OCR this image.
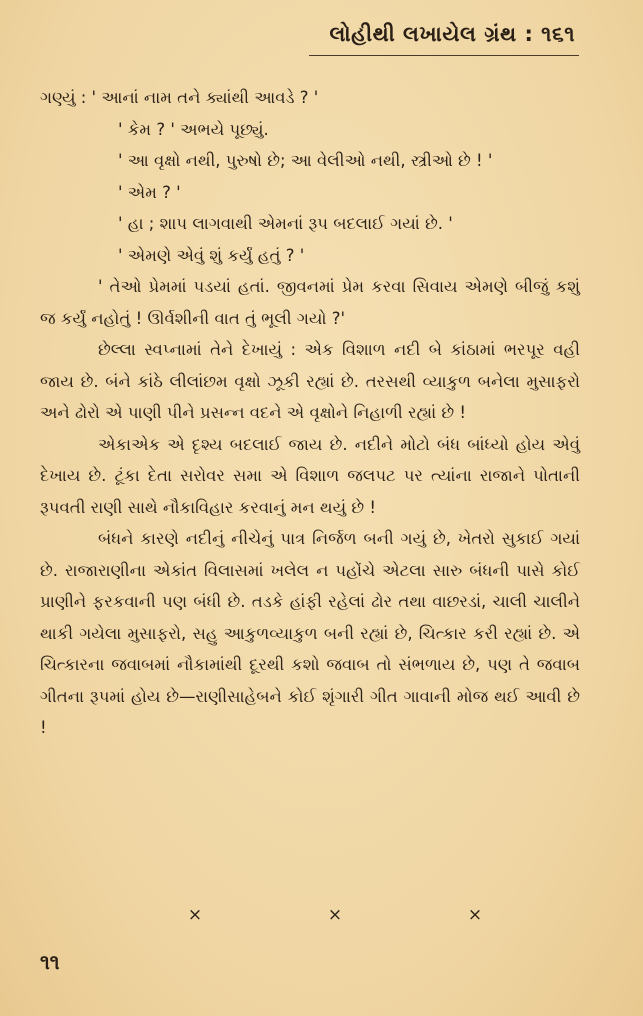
લોહીથી લખાયેલ ગ્રંથ : ૧૬૧

ગણ્યું : ' આનાં નામ તને ક્યાંથી આવડે ? '

' કેમ ? ' અભયે પૂછ્યું.

' આ વૃક્ષો નથી, પુરુષો છે; આ વેલીઓ નથી, સ્ત્રીઓ છે ! '

' એમ ? '

' હા ; શાપ લાગવાથી એમનાં રૂપ બદલાઈ ગયાં છે. '

' એમણે એવું શું કર્યું હતું ? '

' તેઓ પ્રેમમાં પડયાં હતાં. જીવનમાં પ્રેમ કરવા સિવાય એમણે બીજું કશું જ કર્યું નહોતું ! ઊર્વશીની વાત તું ભૂલી ગયો ?'

છેલ્લા સ્વપ્નામાં તેને દેખાયું : એક વિશાળ નદી બે કાંઠામાં ભરપૂર વહી જાય છે. બંને કાંઠે લીલાંછમ વૃક્ષો ઝૂકી રહ્યાં છે. તરસથી વ્યાકુળ બનેલા મુસાફરો અને ઢોરો એ પાણી પીને પ્રસન્ન વદને એ વૃક્ષોને નિહાળી રહ્યાં છે !

એકાએક એ દૃશ્ય બદલાઈ જાય છે. નદીને મોટો બંધ બાંધ્યો હોય એવું દેખાય છે. ટૂંકા દેતા સરોવર સમા એ વિશાળ જલપટ પર ત્યાંના રાજાને પોતાની રૂપવતી રાણી સાથે નૌકાવિહાર કરવાનું મન થયું છે !

બંધને કારણે નદીનું નીચેનું પાત્ર નિર્જળ બની ગયું છે, ખેતરો સુકાઈ ગયાં છે. રાજારાણીના એકાંત વિલાસમાં ખલેલ ન પહોંચે એટલા સારુ બંધની પાસે કોઈ પ્રાણીને ફરકવાની પણ બંધી છે. તડકે હાંફી રહેલાં ઢોર તથા વાછરડાં, ચાલી ચાલીને થાકી ગયેલા મુસાફરો, સહુ આકુળવ્યાકુળ બની રહ્યાં છે, ચિત્કાર કરી રહ્યાં છે. એ ચિત્કારના જવાબમાં નૌકામાંથી દૂરથી કશો જવાબ તો સંભળાય છે, પણ તે જવાબ ગીતના રૂપમાં હોય છે—રાણીસાહેબને કોઈ શૃંગારી ગીત ગાવાની મોજ થઈ આવી છે !

×	×	×
૧૧
